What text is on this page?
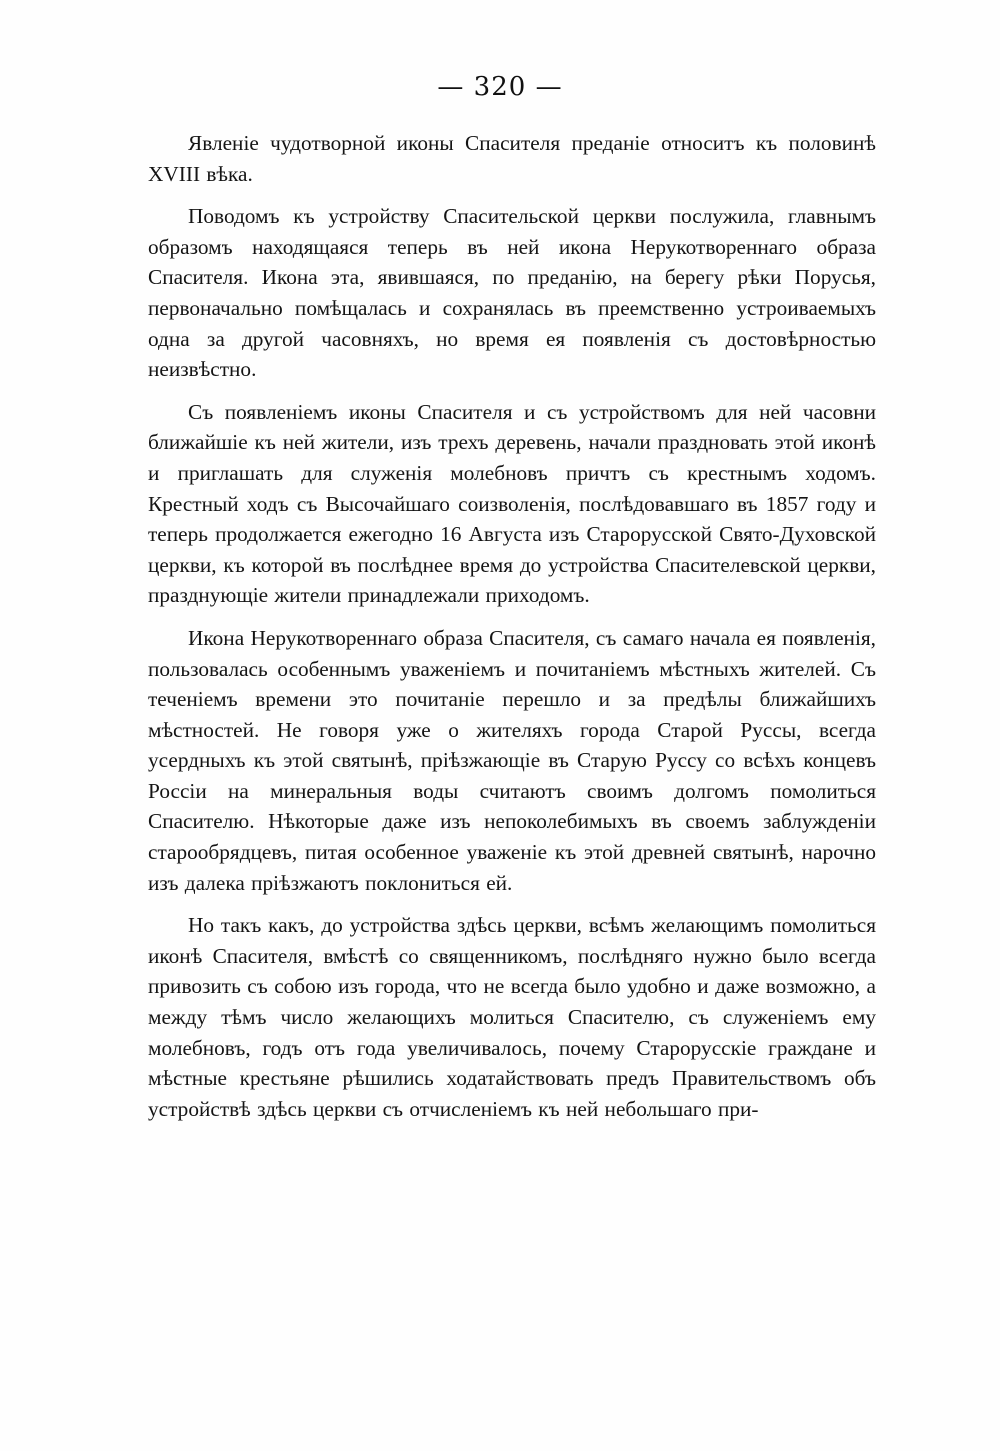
— 320 —

Явленіе чудотворной иконы Спасителя преданіе относитъ къ половинѣ XVIII вѣка.

Поводомъ къ устройству Спасительской церкви послужила, главнымъ образомъ находящаяся теперь въ ней икона Нерукотвореннаго образа Спасителя. Икона эта, явившаяся, по преданію, на берегу рѣки Порусья, первоначально помѣщалась и сохранялась въ преемственно устроиваемыхъ одна за другой часовняхъ, но время ея появленія съ достовѣрностью неизвѣстно.

Съ появленіемъ иконы Спасителя и съ устройствомъ для ней часовни ближайшіе къ ней жители, изъ трехъ деревень, начали праздновать этой иконѣ и приглашать для служенія молебновъ причтъ съ крестнымъ ходомъ. Крестный ходъ съ Высочайшаго соизволенія, послѣдовавшаго въ 1857 году и теперь продолжается ежегодно 16 Августа изъ Старорусской Свято-Духовской церкви, къ которой въ послѣднее время до устройства Спасителевской церкви, празднующіе жители принадлежали приходомъ.

Икона Нерукотвореннаго образа Спасителя, съ самаго начала ея появленія, пользовалась особеннымъ уваженіемъ и почитаніемъ мѣстныхъ жителей. Съ теченіемъ времени это почитаніе перешло и за предѣлы ближайшихъ мѣстностей. Не говоря уже о жителяхъ города Старой Руссы, всегда усердныхъ къ этой святынѣ, пріѣзжающіе въ Старую Руссу со всѣхъ концевъ Россіи на минеральныя воды считаютъ своимъ долгомъ помолиться Спасителю. Нѣкоторые даже изъ непоколебимыхъ въ своемъ заблужденіи старообрядцевъ, питая особенное уваженіе къ этой древней святынѣ, нарочно изъ далека пріѣзжаютъ поклониться ей.

Но такъ какъ, до устройства здѣсь церкви, всѣмъ желающимъ помолиться иконѣ Спасителя, вмѣстѣ со священникомъ, послѣдняго нужно было всегда привозить съ собою изъ города, что не всегда было удобно и даже возможно, а между тѣмъ число желающихъ молиться Спасителю, съ служеніемъ ему молебновъ, годъ отъ года увеличивалось, почему Старорусскіе граждане и мѣстные крестьяне рѣшились ходатайствовать предъ Правительствомъ объ устройствѣ здѣсь церкви съ отчисленіемъ къ ней небольшаго при-
